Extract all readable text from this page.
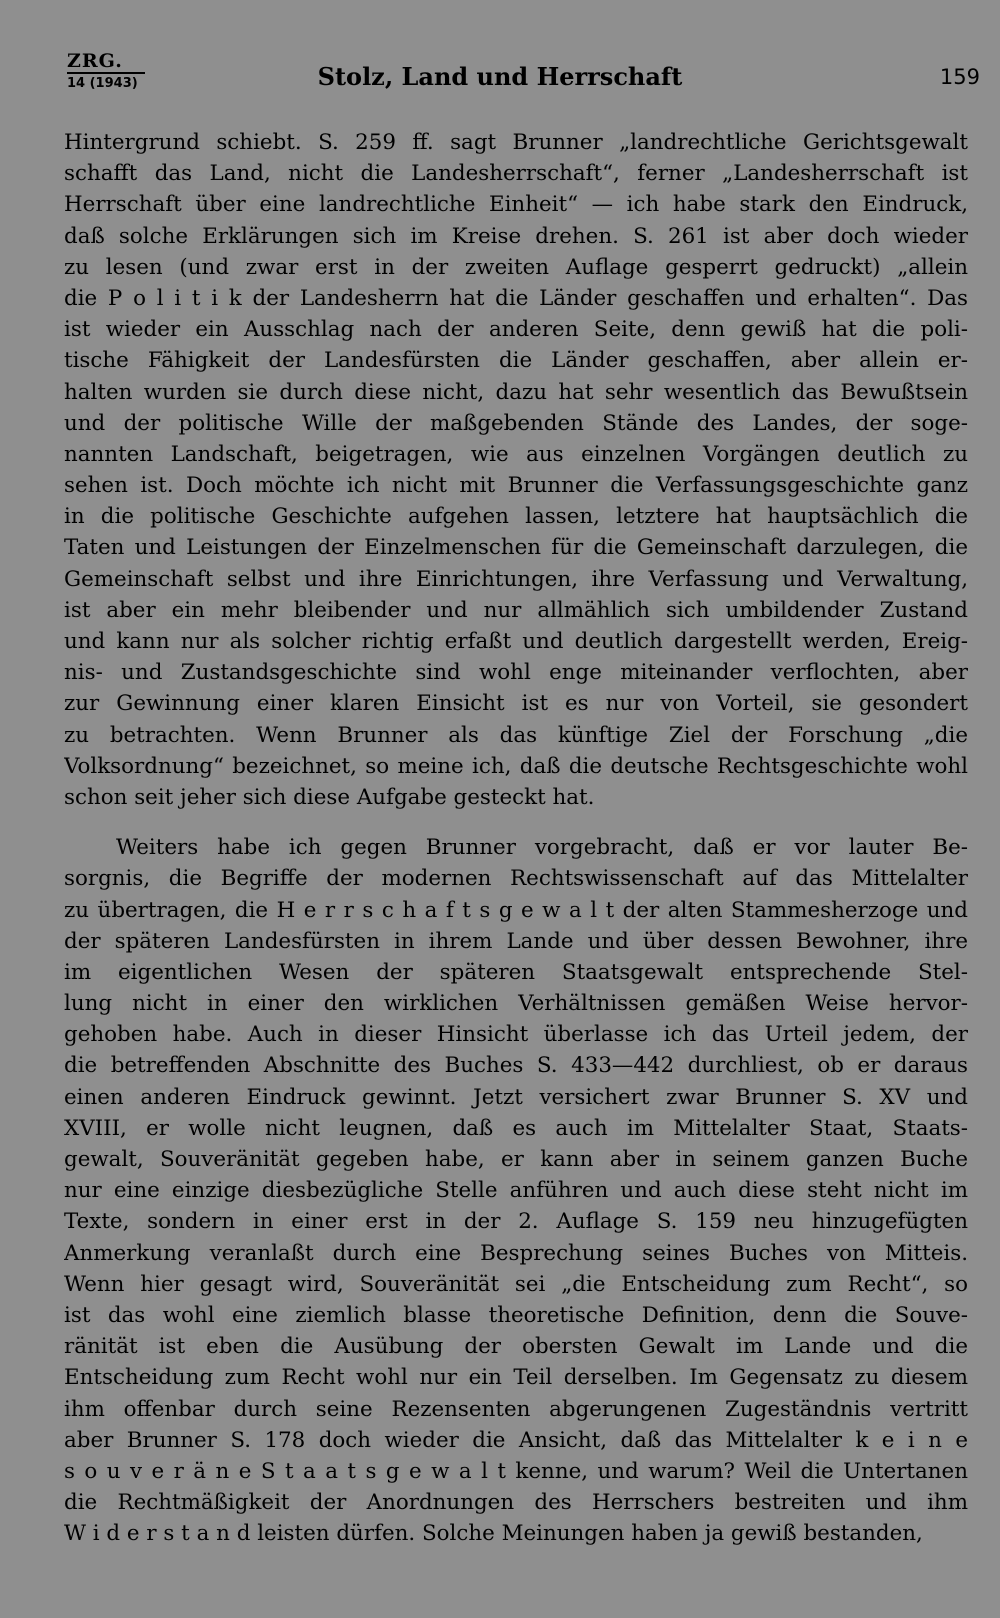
ZRG.
14 (1943)	Stolz, Land und Herrschaft	159
Hintergrund schiebt. S. 259 ff. sagt Brunner „landrechtliche Gerichtsgewalt
schafft das Land, nicht die Landesherrschaft“, ferner „Landesherrschaft ist
Herrschaft über eine landrechtliche Einheit“ — ich habe stark den Eindruck,
daß solche Erklärungen sich im Kreise drehen. S. 261 ist aber doch wieder
zu lesen (und zwar erst in der zweiten Auflage gesperrt gedruckt) „allein
die P o l i t i k der Landesherrn hat die Länder geschaffen und erhalten“. Das
ist wieder ein Ausschlag nach der anderen Seite, denn gewiß hat die poli-
tische Fähigkeit der Landesfürsten die Länder geschaffen, aber allein er-
halten wurden sie durch diese nicht, dazu hat sehr wesentlich das Bewußtsein
und der politische Wille der maßgebenden Stände des Landes, der soge-
nannten Landschaft, beigetragen, wie aus einzelnen Vorgängen deutlich zu
sehen ist. Doch möchte ich nicht mit Brunner die Verfassungsgeschichte ganz
in die politische Geschichte aufgehen lassen, letztere hat hauptsächlich die
Taten und Leistungen der Einzelmenschen für die Gemeinschaft darzulegen, die
Gemeinschaft selbst und ihre Einrichtungen, ihre Verfassung und Verwaltung,
ist aber ein mehr bleibender und nur allmählich sich umbildender Zustand
und kann nur als solcher richtig erfaßt und deutlich dargestellt werden, Ereig-
nis- und Zustandsgeschichte sind wohl enge miteinander verflochten, aber
zur Gewinnung einer klaren Einsicht ist es nur von Vorteil, sie gesondert
zu betrachten. Wenn Brunner als das künftige Ziel der Forschung „die
Volksordnung“ bezeichnet, so meine ich, daß die deutsche Rechtsgeschichte wohl
schon seit jeher sich diese Aufgabe gesteckt hat.
Weiters habe ich gegen Brunner vorgebracht, daß er vor lauter Be-
sorgnis, die Begriffe der modernen Rechtswissenschaft auf das Mittelalter
zu übertragen, die H e r r s c h a f t s g e w a l t der alten Stammesherzoge und
der späteren Landesfürsten in ihrem Lande und über dessen Bewohner, ihre
im eigentlichen Wesen der späteren Staatsgewalt entsprechende Stel-
lung nicht in einer den wirklichen Verhältnissen gemäßen Weise hervor-
gehoben habe. Auch in dieser Hinsicht überlasse ich das Urteil jedem, der
die betreffenden Abschnitte des Buches S. 433—442 durchliest, ob er daraus
einen anderen Eindruck gewinnt. Jetzt versichert zwar Brunner S. XV und
XVIII, er wolle nicht leugnen, daß es auch im Mittelalter Staat, Staats-
gewalt, Souveränität gegeben habe, er kann aber in seinem ganzen Buche
nur eine einzige diesbezügliche Stelle anführen und auch diese steht nicht im
Texte, sondern in einer erst in der 2. Auflage S. 159 neu hinzugefügten
Anmerkung veranlaßt durch eine Besprechung seines Buches von Mitteis.
Wenn hier gesagt wird, Souveränität sei „die Entscheidung zum Recht“, so
ist das wohl eine ziemlich blasse theoretische Definition, denn die Souve-
ränität ist eben die Ausübung der obersten Gewalt im Lande und die
Entscheidung zum Recht wohl nur ein Teil derselben. Im Gegensatz zu diesem
ihm offenbar durch seine Rezensenten abgerungenen Zugeständnis vertritt
aber Brunner S. 178 doch wieder die Ansicht, daß das Mittelalter k e i n e
s o u v e r ä n e S t a a t s g e w a l t kenne, und warum? Weil die Untertanen
die Rechtmäßigkeit der Anordnungen des Herrschers bestreiten und ihm
W i d e r s t a n d leisten dürfen. Solche Meinungen haben ja gewiß bestanden,
